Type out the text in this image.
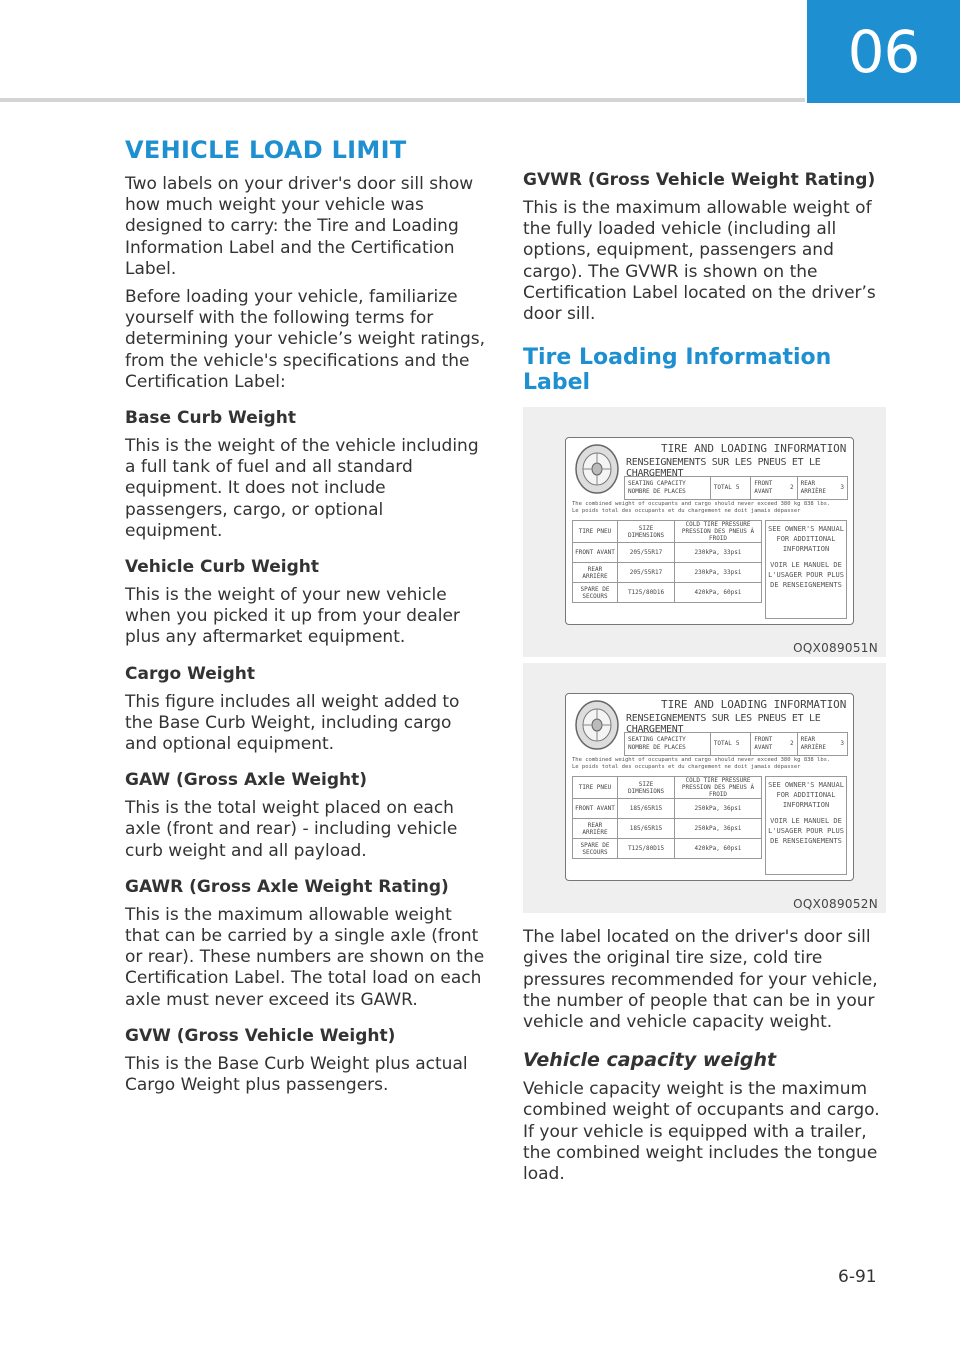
06
VEHICLE LOAD LIMIT

Two labels on your driver's door sill show how much weight your vehicle was designed to carry: the Tire and Loading Information Label and the Certification Label.

Before loading your vehicle, familiarize yourself with the following terms for determining your vehicle’s weight ratings, from the vehicle's specifications and the Certification Label:

Base Curb Weight

This is the weight of the vehicle including a full tank of fuel and all standard equipment. It does not include passengers, cargo, or optional equipment.

Vehicle Curb Weight

This is the weight of your new vehicle when you picked it up from your dealer plus any aftermarket equipment.

Cargo Weight

This figure includes all weight added to the Base Curb Weight, including cargo and optional equipment.

GAW (Gross Axle Weight)

This is the total weight placed on each axle (front and rear) - including vehicle curb weight and all payload.

GAWR (Gross Axle Weight Rating)

This is the maximum allowable weight that can be carried by a single axle (front or rear). These numbers are shown on the Certification Label. The total load on each axle must never exceed its GAWR.

GVW (Gross Vehicle Weight)

This is the Base Curb Weight plus actual Cargo Weight plus passengers.

GVWR (Gross Vehicle Weight Rating)

This is the maximum allowable weight of the fully loaded vehicle (including all options, equipment, passengers and cargo). The GVWR is shown on the Certification Label located on the driver’s door sill.

Tire Loading Information Label
TIRE AND LOADING INFORMATION
RENSEIGNEMENTS SUR LES PNEUS ET LE CHARGEMENT
SEATING CAPACITY NOMBRE DE PLACES
TOTAL 5
FRONT AVANT
2
REAR ARRIÈRE
3
The combined weight of occupants and cargo should never exceed 380 kg 838 lbs.
Le poids total des occupants et du chargement ne doit jamais dépasser
TIRE PNEU	SIZE DIMENSIONS	COLD TIRE PRESSURE PRESSION DES PNEUS À FROID
FRONT AVANT	205/55R17	230kPa, 33psi
REAR ARRIÈRE	205/55R17	230kPa, 33psi
SPARE DE SECOURS	T125/80D16	420kPa, 60psi
SEE OWNER'S MANUAL FOR ADDITIONAL INFORMATION
VOIR LE MANUEL DE L'USAGER POUR PLUS DE RENSEIGNEMENTS
OQX089051N
TIRE AND LOADING INFORMATION
RENSEIGNEMENTS SUR LES PNEUS ET LE CHARGEMENT
SEATING CAPACITY NOMBRE DE PLACES
TOTAL 5
FRONT AVANT
2
REAR ARRIÈRE
3
The combined weight of occupants and cargo should never exceed 380 kg 838 lbs.
Le poids total des occupants et du chargement ne doit jamais dépasser
TIRE PNEU	SIZE DIMENSIONS	COLD TIRE PRESSURE PRESSION DES PNEUS À FROID
FRONT AVANT	185/65R15	250kPa, 36psi
REAR ARRIÈRE	185/65R15	250kPa, 36psi
SPARE DE SECOURS	T125/80D15	420kPa, 60psi
SEE OWNER'S MANUAL FOR ADDITIONAL INFORMATION
VOIR LE MANUEL DE L'USAGER POUR PLUS DE RENSEIGNEMENTS
OQX089052N

The label located on the driver's door sill gives the original tire size, cold tire pressures recommended for your vehicle, the number of people that can be in your vehicle and vehicle capacity weight.

Vehicle capacity weight

Vehicle capacity weight is the maximum combined weight of occupants and cargo. If your vehicle is equipped with a trailer, the combined weight includes the tongue load.

6-91
